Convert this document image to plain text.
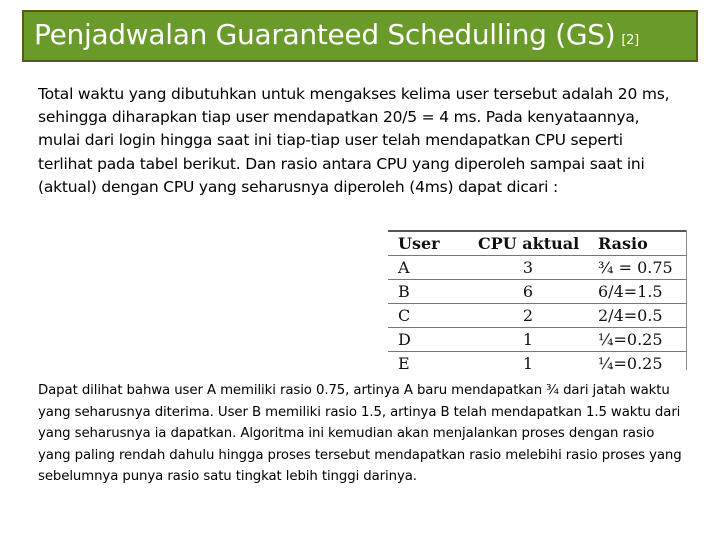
Penjadwalan Guaranteed Schedulling (GS) [2]
Total waktu yang dibutuhkan untuk mengakses kelima user tersebut adalah 20 ms, sehingga diharapkan tiap user mendapatkan 20/5 = 4 ms. Pada kenyataannya, mulai dari login hingga saat ini tiap-tiap user telah mendapatkan CPU seperti terlihat pada tabel berikut. Dan rasio antara CPU yang diperoleh sampai saat ini (aktual) dengan CPU yang seharusnya diperoleh (4ms) dapat dicari :
User	CPU aktual	Rasio
A	3	¾ = 0.75
B	6	6/4=1.5
C	2	2/4=0.5
D	1	¼=0.25
E	1	¼=0.25
Dapat dilihat bahwa user A memiliki rasio 0.75, artinya A baru mendapatkan ¾ dari jatah waktu yang seharusnya diterima. User B memiliki rasio 1.5, artinya B telah mendapatkan 1.5 waktu dari yang seharusnya ia dapatkan. Algoritma ini kemudian akan menjalankan proses dengan rasio yang paling rendah dahulu hingga proses tersebut mendapatkan rasio melebihi rasio proses yang sebelumnya punya rasio satu tingkat lebih tinggi darinya.
